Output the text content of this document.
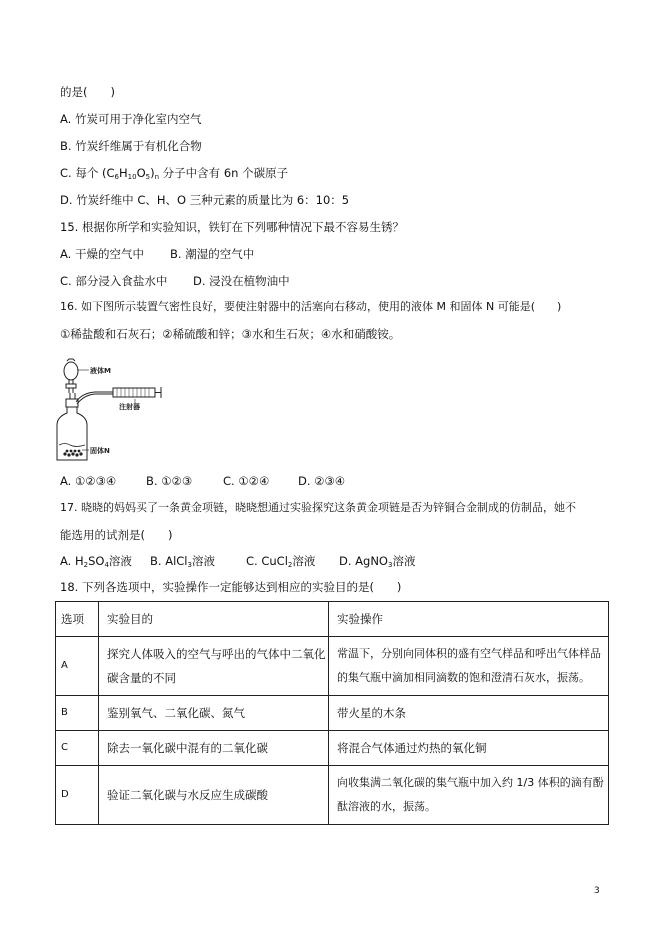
的是(　　)
A. 竹炭可用于净化室内空气
B. 竹炭纤维属于有机化合物
C. 每个 $(C_6H_{10}O_5)_n$ 分子中含有 6n 个碳原子
D. 竹炭纤维中 C、H、O 三种元素的质量比为 6：10：5
15. 根据你所学和实验知识，铁钉在下列哪种情况下最不容易生锈？
A. 干燥的空气中 B. 潮湿的空气中
C. 部分浸入食盐水中 D. 浸没在植物油中
16. 如下图所示装置气密性良好，要使注射器中的活塞向右移动，使用的液体 M 和固体 N 可能是(　　)
①稀盐酸和石灰石；②稀硫酸和锌；③水和生石灰；④水和硝酸铵。
液体M
注射器
固体N
A. ①②③④	B. ①②③	C. ①②④ D. ②③④
17. 晓晓的妈妈买了一条黄金项链，晓晓想通过实验探究这条黄金项链是否为锌铜合金制成的仿制品，她不
能选用的试剂是(　　)
A. $H_2SO_4$溶液 B. AlCl$_3$溶液	C. CuCl$_2$溶液 D. AgNO$_3$溶液
18. 下列各选项中，实验操作一定能够达到相应的实验目的是(　　)
选项	实验目的	实验操作
A	探究人体吸入的空气与呼出的气体中二氧化碳含量的不同	常温下，分别向同体积的盛有空气样品和呼出气体样品的集气瓶中滴加相同滴数的饱和澄清石灰水，振荡。
B	鉴别氧气、二氧化碳、氮气	带火星的木条
C	除去一氧化碳中混有的二氧化碳	将混合气体通过灼热的氧化铜
D	验证二氧化碳与水反应生成碳酸	向收集满二氧化碳的集气瓶中加入约 1/3 体积的滴有酚酞溶液的水，振荡。
3
